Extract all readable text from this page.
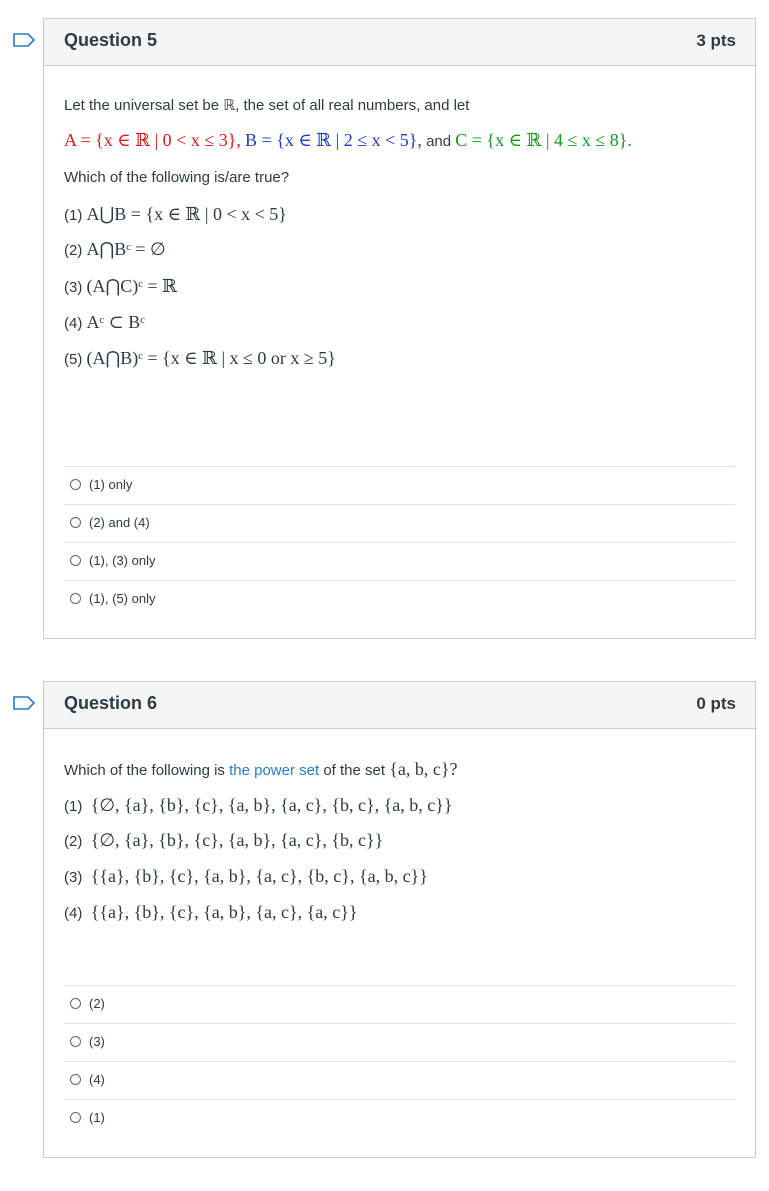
Question 5	3 pts
Let the universal set be ℝ, the set of all real numbers, and let
A = {x ∈ ℝ | 0 < x ≤ 3}, B = {x ∈ ℝ | 2 ≤ x < 5}, and C = {x ∈ ℝ | 4 ≤ x ≤ 8}.
Which of the following is/are true?
(1) A⋃B = {x ∈ ℝ | 0 < x < 5}
(2) A⋂Bᶜ = ∅
(3) (A⋂C)ᶜ = ℝ
(4) Aᶜ ⊂ Bᶜ
(5) (A⋂B)ᶜ = {x ∈ ℝ | x ≤ 0 or x ≥ 5}
(1) only
(2) and (4)
(1), (3) only
(1), (5) only
Question 6	0 pts
Which of the following is the power set of the set {a, b, c}?
(1) {∅, {a}, {b}, {c}, {a, b}, {a, c}, {b, c}, {a, b, c}}
(2) {∅, {a}, {b}, {c}, {a, b}, {a, c}, {b, c}}
(3) {{a}, {b}, {c}, {a, b}, {a, c}, {b, c}, {a, b, c}}
(4) {{a}, {b}, {c}, {a, b}, {a, c}, {a, c}}
(2)
(3)
(4)
(1)
